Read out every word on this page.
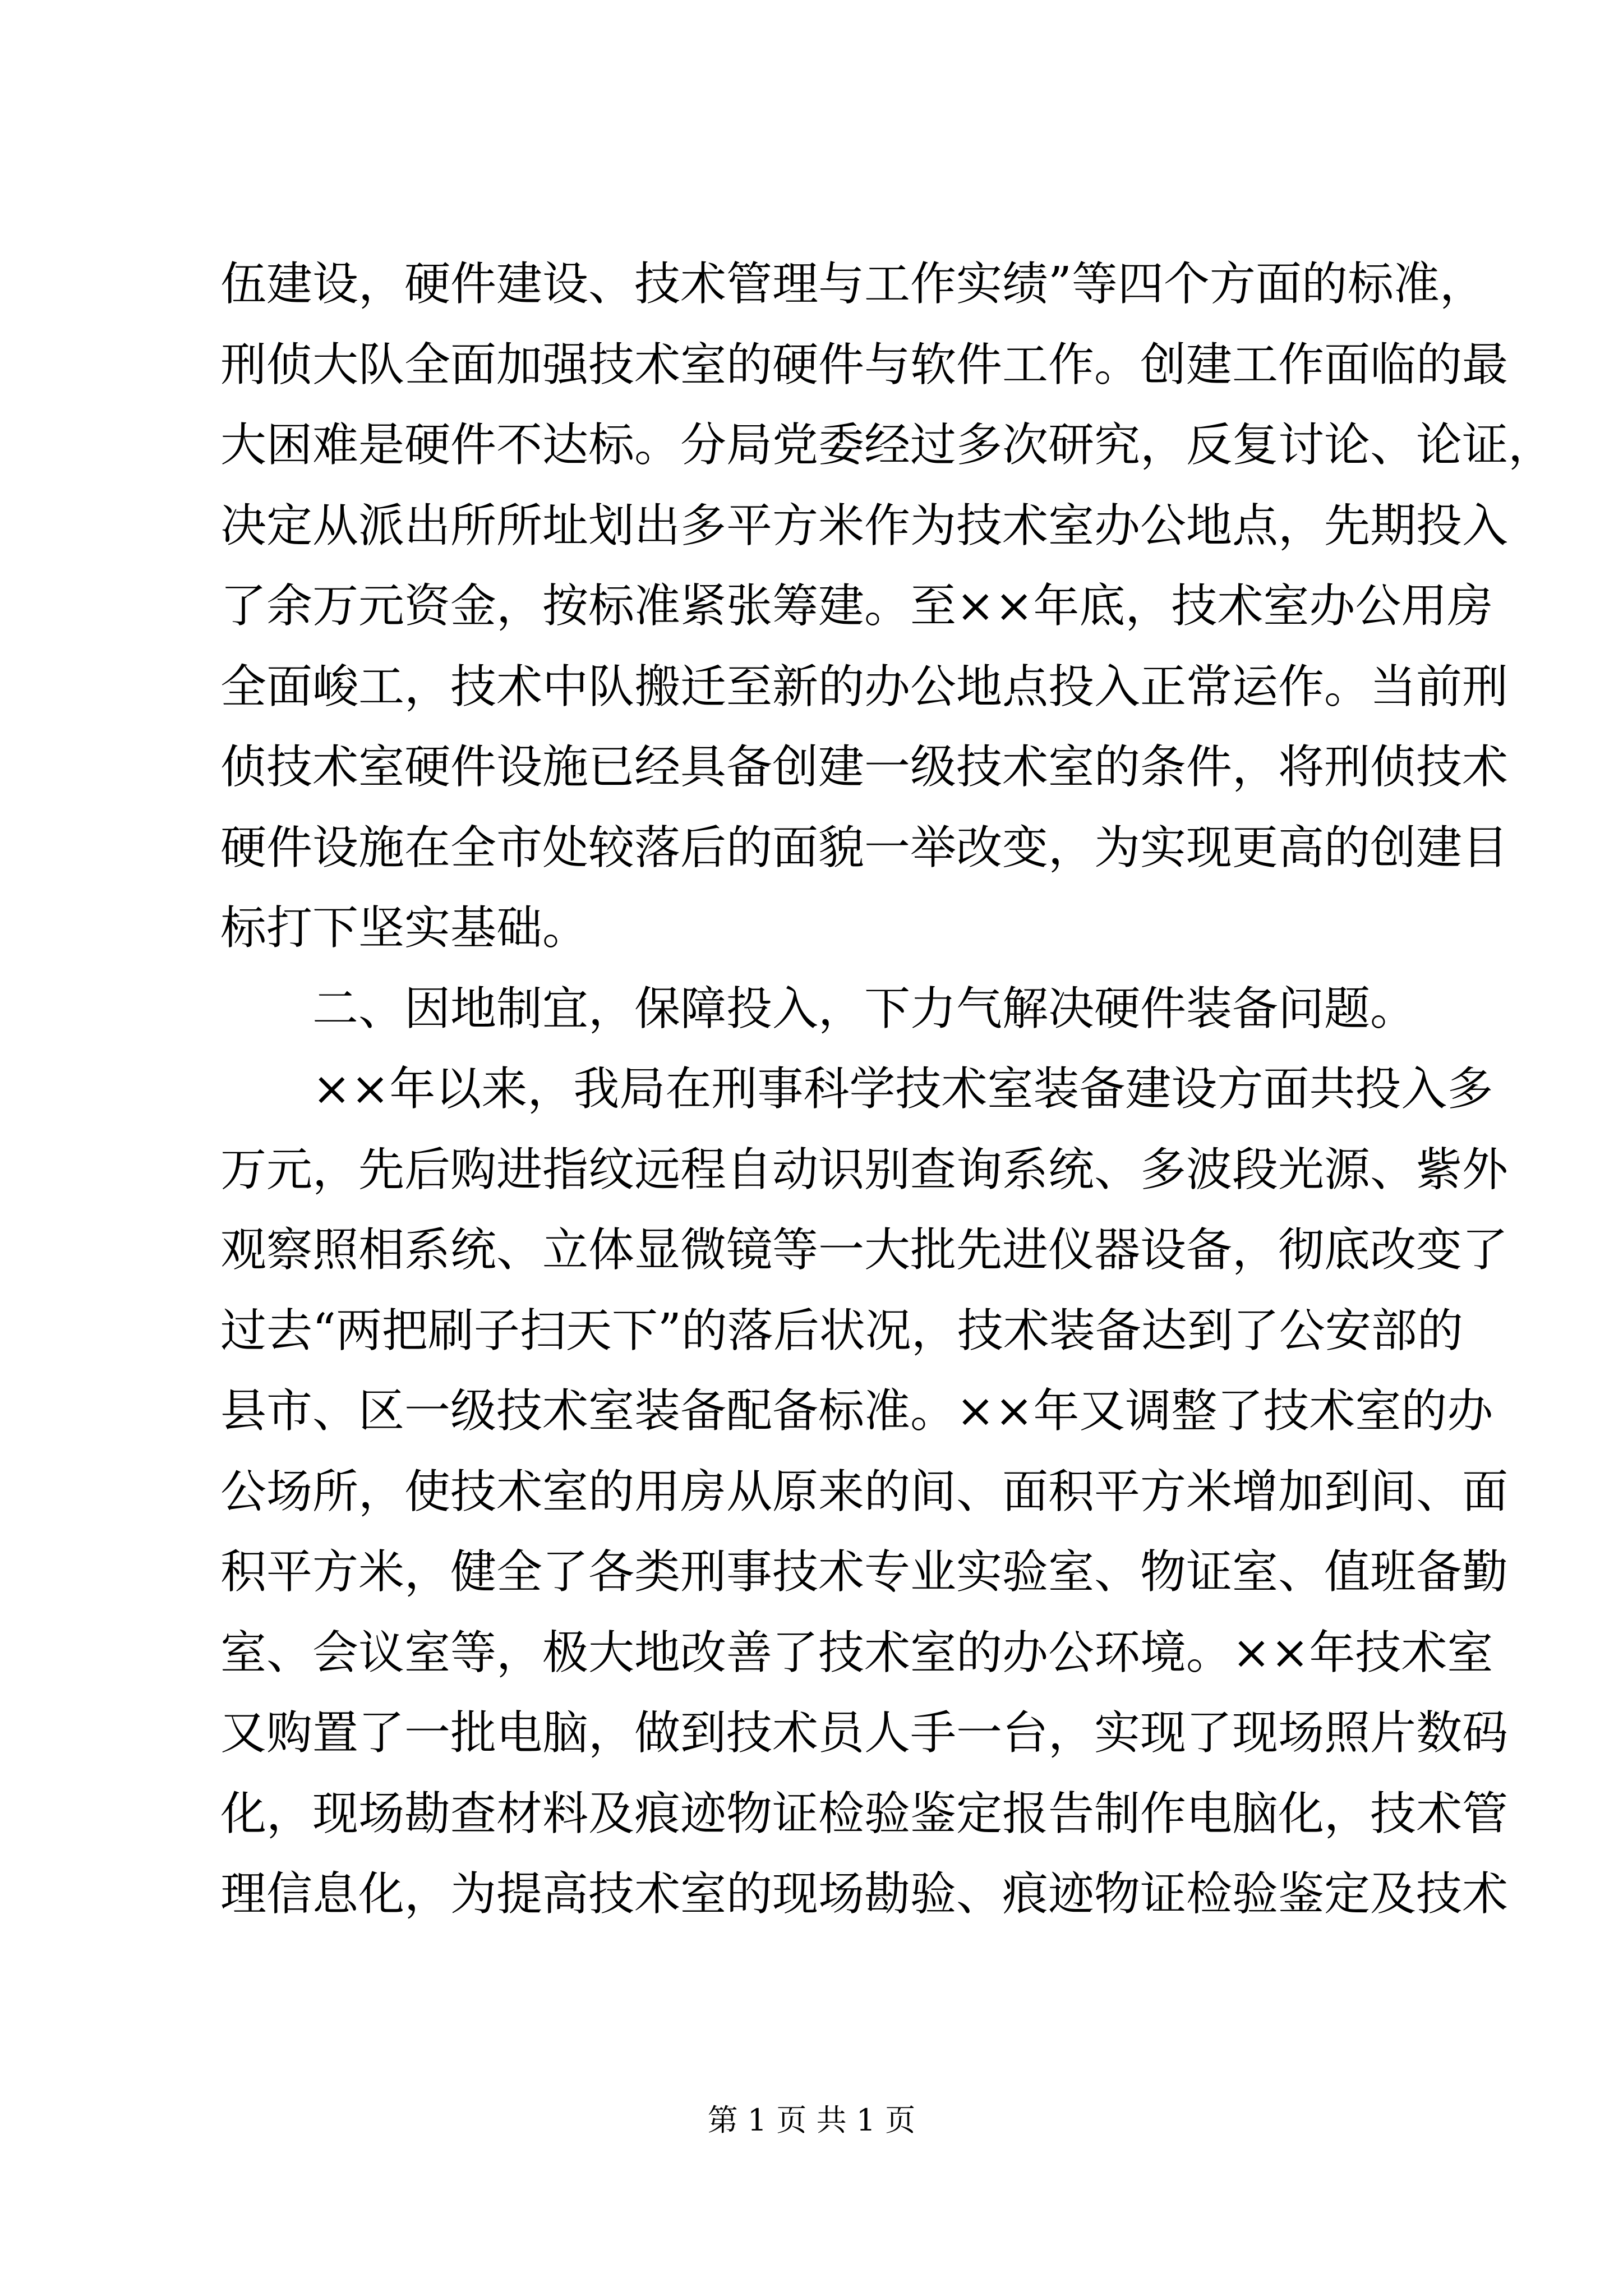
伍建设，硬件建设、技术管理与工作实绩”等四个方面的标准，
刑侦大队全面加强技术室的硬件与软件工作。创建工作面临的最
大困难是硬件不达标。分局党委经过多次研究，反复讨论、论证，
决定从派出所所址划出多平方米作为技术室办公地点，先期投入
了余万元资金，按标准紧张筹建。至××年底，技术室办公用房
全面峻工，技术中队搬迁至新的办公地点投入正常运作。当前刑
侦技术室硬件设施已经具备创建一级技术室的条件，将刑侦技术
硬件设施在全市处较落后的面貌一举改变，为实现更高的创建目
标打下坚实基础。
二、因地制宜，保障投入，下力气解决硬件装备问题。
××年以来，我局在刑事科学技术室装备建设方面共投入多
万元，先后购进指纹远程自动识别查询系统、多波段光源、紫外
观察照相系统、立体显微镜等一大批先进仪器设备，彻底改变了
过去“两把刷子扫天下”的落后状况，技术装备达到了公安部的
县市、区一级技术室装备配备标准。××年又调整了技术室的办
公场所，使技术室的用房从原来的间、面积平方米增加到间、面
积平方米，健全了各类刑事技术专业实验室、物证室、值班备勤
室、会议室等，极大地改善了技术室的办公环境。××年技术室
又购置了一批电脑，做到技术员人手一台，实现了现场照片数码
化，现场勘查材料及痕迹物证检验鉴定报告制作电脑化，技术管
理信息化，为提高技术室的现场勘验、痕迹物证检验鉴定及技术
第 1 页 共 1 页
